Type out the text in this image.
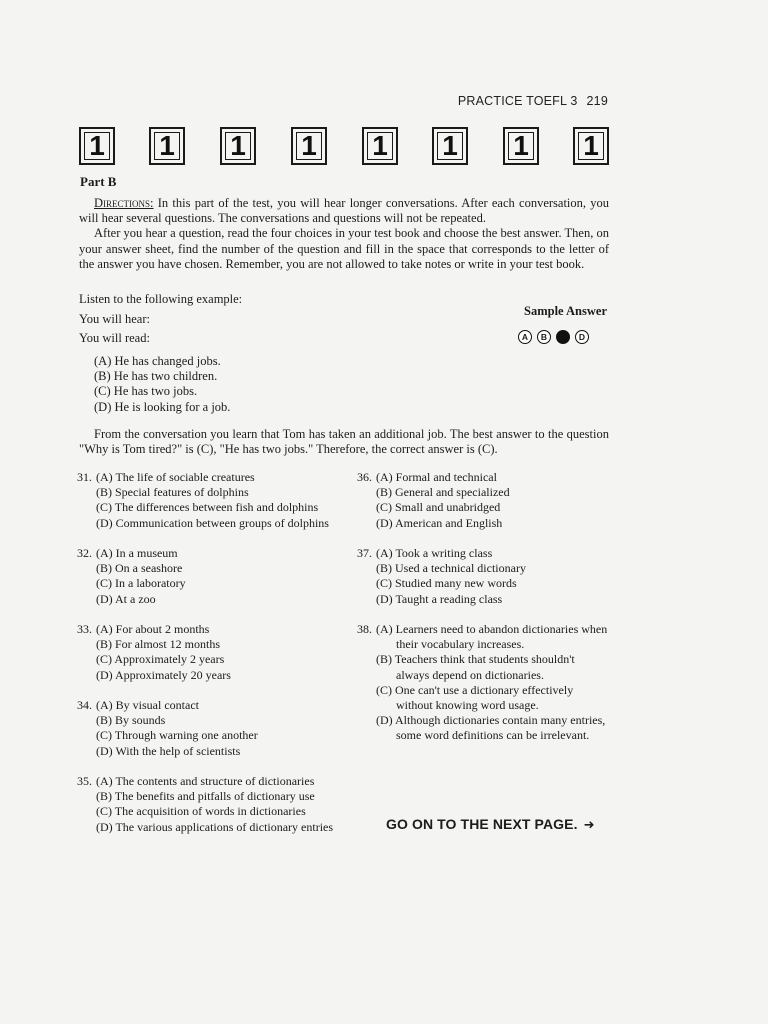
PRACTICE TOEFL 3 219
1 1 1 1 1 1 1 1
Part B

Directions: In this part of the test, you will hear longer conversations. After each conversation, you will hear several questions. The conversations and questions will not be repeated.

After you hear a question, read the four choices in your test book and choose the best answer. Then, on your answer sheet, find the number of the question and fill in the space that corresponds to the letter of the answer you have chosen. Remember, you are not allowed to take notes or write in your test book.

Listen to the following example:
You will hear:
You will read:
Sample Answer
A	B	D
(A) He has changed jobs.
(B) He has two children.
(C) He has two jobs.
(D) He is looking for a job.

From the conversation you learn that Tom has taken an additional job. The best answer to the question "Why is Tom tired?" is (C), "He has two jobs." Therefore, the correct answer is (C).

31. (A) The life of sociable creatures
(B) Special features of dolphins
(C) The differences between fish and dolphins
(D) Communication between groups of dolphins
32. (A) In a museum
(B) On a seashore
(C) In a laboratory
(D) At a zoo
33. (A) For about 2 months
(B) For almost 12 months
(C) Approximately 2 years
(D) Approximately 20 years
34. (A) By visual contact
(B) By sounds
(C) Through warning one another
(D) With the help of scientists
35. (A) The contents and structure of dictionaries
(B) The benefits and pitfalls of dictionary use
(C) The acquisition of words in dictionaries
(D) The various applications of dictionary entries
36. (A) Formal and technical
(B) General and specialized
(C) Small and unabridged
(D) American and English
37. (A) Took a writing class
(B) Used a technical dictionary
(C) Studied many new words
(D) Taught a reading class
38. (A) Learners need to abandon dictionaries when their vocabulary increases.
(B) Teachers think that students shouldn't always depend on dictionaries.
(C) One can't use a dictionary effectively without knowing word usage.
(D) Although dictionaries contain many entries, some word definitions can be irrelevant.
GO ON TO THE NEXT PAGE. ➜
